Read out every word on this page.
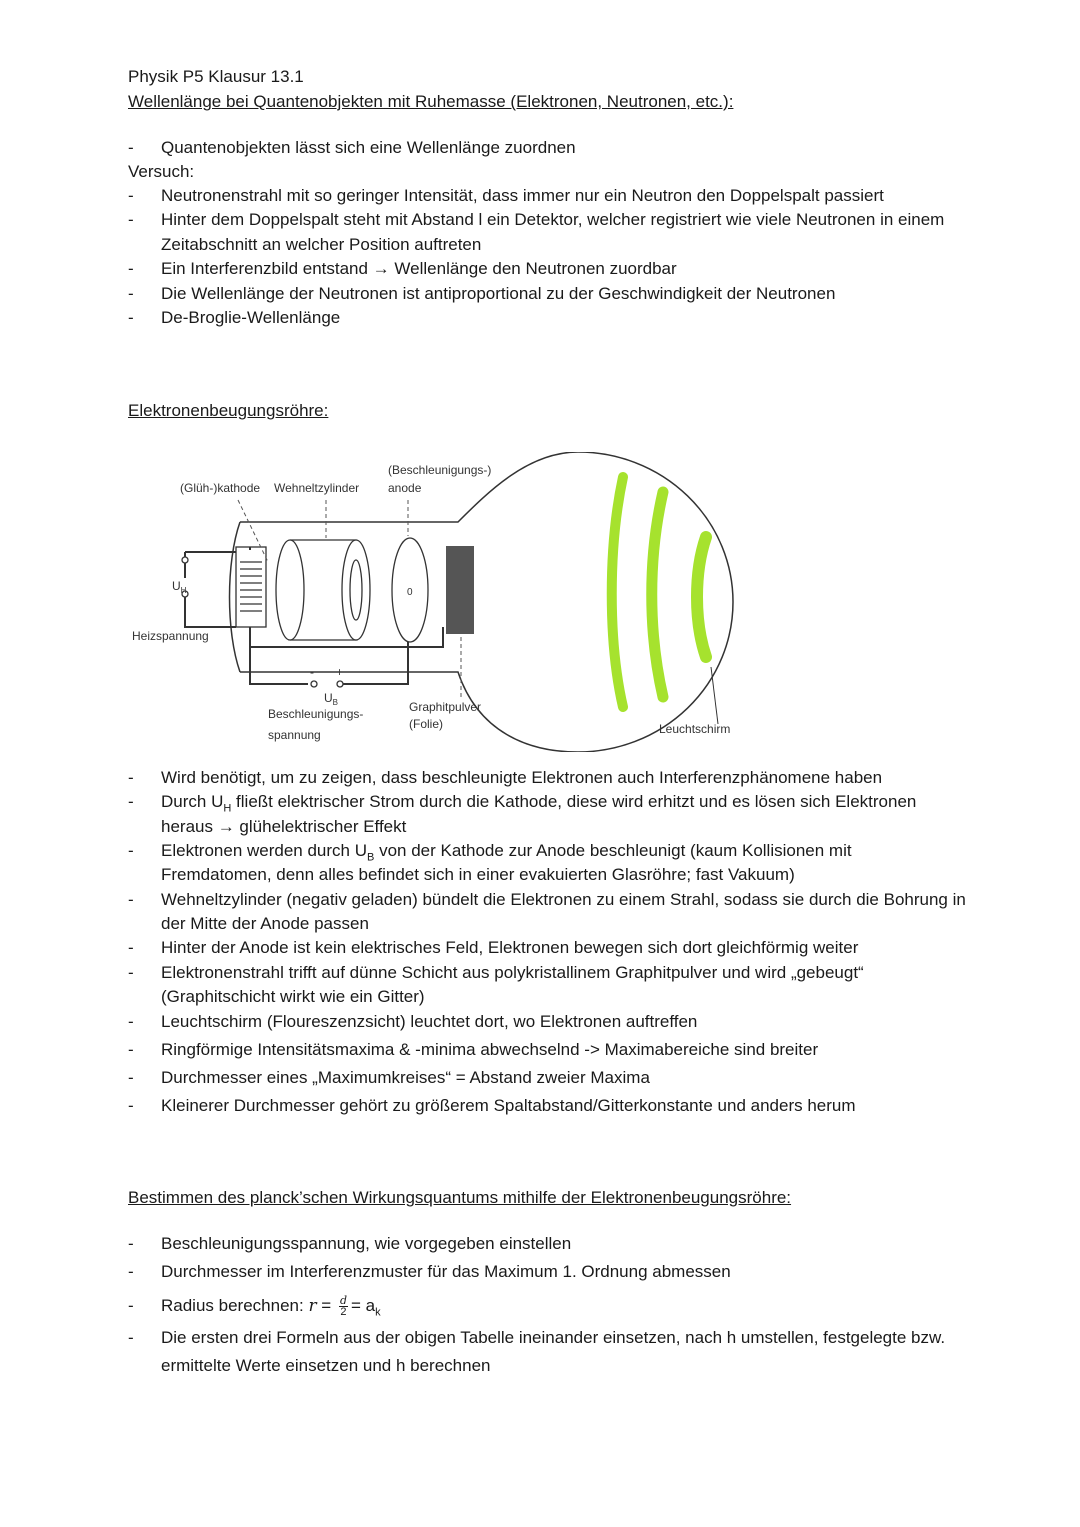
Physik P5 Klausur 13.1
Wellenlänge bei Quantenobjekten mit Ruhemasse (Elektronen, Neutronen, etc.):
- Quantenobjekten lässt sich eine Wellenlänge zuordnen
Versuch:
- Neutronenstrahl mit so geringer Intensität, dass immer nur ein Neutron den Doppelspalt passiert
- Hinter dem Doppelspalt steht mit Abstand l ein Detektor, welcher registriert wie viele Neutronen in einem
Zeitabschnitt an welcher Position auftreten
- Ein Interferenzbild entstand → Wellenlänge den Neutronen zuordbar
- Die Wellenlänge der Neutronen ist antiproportional zu der Geschwindigkeit der Neutronen
- De-Broglie-Wellenlänge
Elektronenbeugungsröhre:
0
(Glüh-)kathode Wehneltzylinder
(Beschleunigungs-)
anode
Heizspannung
- +
Beschleunigungs-
spannung
Graphitpulver
(Folie)	Leuchtschirm
$U_H$
$U_B$
- Wird benötigt, um zu zeigen, dass beschleunigte Elektronen auch Interferenzphänomene haben
- Durch $U_H$ fließt elektrischer Strom durch die Kathode, diese wird erhitzt und es lösen sich Elektronen
heraus → glühelektrischer Effekt
- Elektronen werden durch $U_B$ von der Kathode zur Anode beschleunigt (kaum Kollisionen mit
Fremdatomen, denn alles befindet sich in einer evakuierten Glasröhre; fast Vakuum)
- Wehneltzylinder (negativ geladen) bündelt die Elektronen zu einem Strahl, sodass sie durch die Bohrung in
der Mitte der Anode passen
- Hinter der Anode ist kein elektrisches Feld, Elektronen bewegen sich dort gleichförmig weiter
- Elektronenstrahl trifft auf dünne Schicht aus polykristallinem Graphitpulver und wird „gebeugt“
(Graphitschicht wirkt wie ein Gitter)
- Leuchtschirm (Floureszenzsicht) leuchtet dort, wo Elektronen auftreffen
- Ringförmige Intensitätsmaxima & -minima abwechselnd -> Maximabereiche sind breiter
- Durchmesser eines „Maximumkreises“ = Abstand zweier Maxima
- Kleinerer Durchmesser gehört zu größerem Spaltabstand/Gitterkonstante und anders herum
Bestimmen des planck’schen Wirkungsquantums mithilfe der Elektronenbeugungsröhre:
- Beschleunigungsspannung, wie vorgegeben einstellen
- Durchmesser im Interferenzmuster für das Maximum 1. Ordnung abmessen
- Radius berechnen: $r = \frac{d}{2} = a_k$
- Die ersten drei Formeln aus der obigen Tabelle ineinander einsetzen, nach h umstellen, festgelegte bzw.
ermittelte Werte einsetzen und h berechnen
